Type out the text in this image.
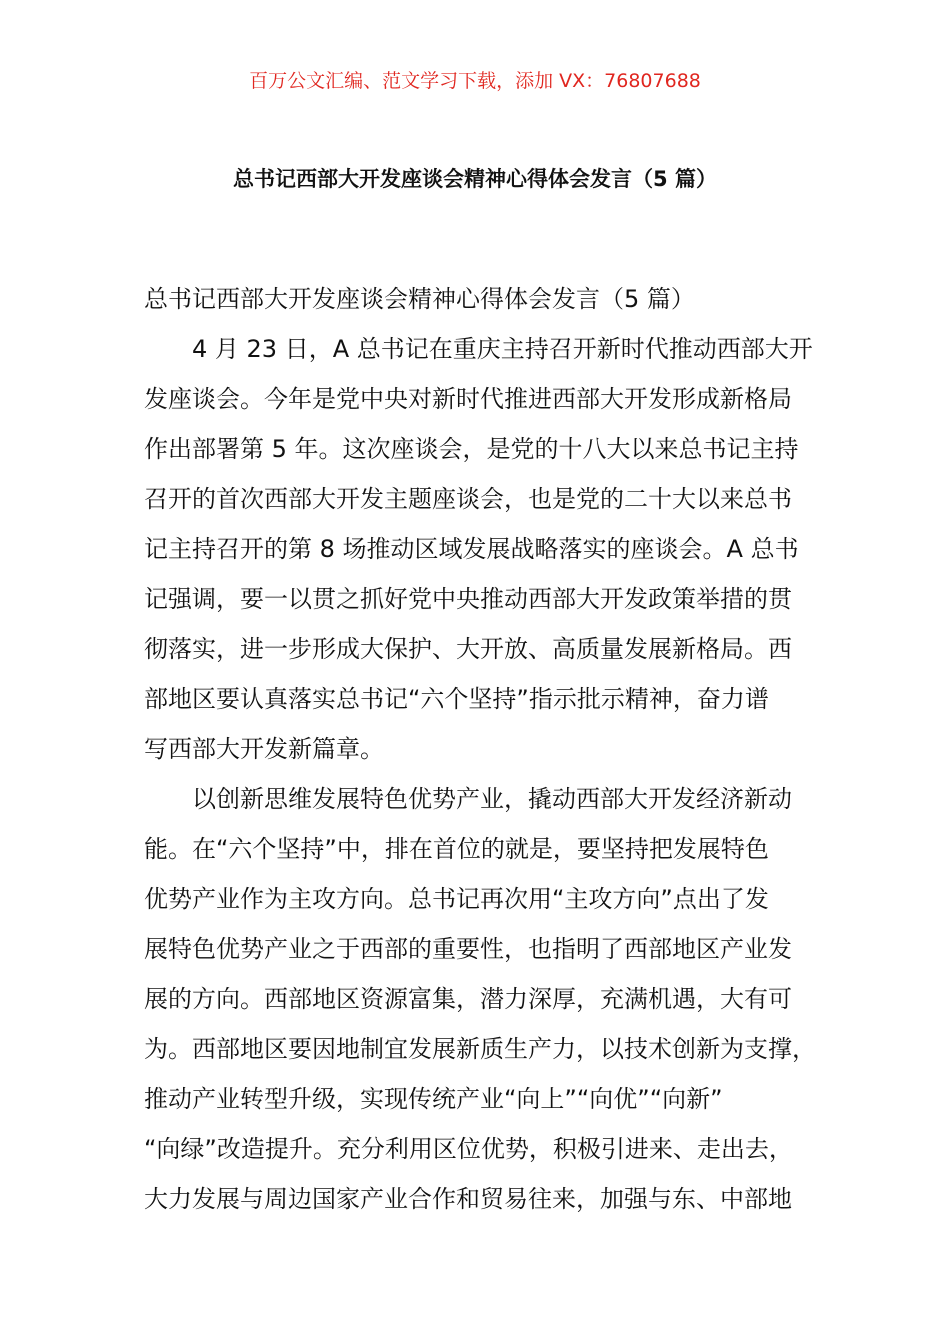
百万公文汇编、范文学习下载，添加 VX：76807688
总书记西部大开发座谈会精神心得体会发言（5 篇）
总书记西部大开发座谈会精神心得体会发言（5 篇）
4 月 23 日，A 总书记在重庆主持召开新时代推动西部大开
发座谈会。今年是党中央对新时代推进西部大开发形成新格局
作出部署第 5 年。这次座谈会，是党的十八大以来总书记主持
召开的首次西部大开发主题座谈会，也是党的二十大以来总书
记主持召开的第 8 场推动区域发展战略落实的座谈会。A 总书
记强调，要一以贯之抓好党中央推动西部大开发政策举措的贯
彻落实，进一步形成大保护、大开放、高质量发展新格局。西
部地区要认真落实总书记“六个坚持”指示批示精神，奋力谱
写西部大开发新篇章。
以创新思维发展特色优势产业，撬动西部大开发经济新动
能。在“六个坚持”中，排在首位的就是，要坚持把发展特色
优势产业作为主攻方向。总书记再次用“主攻方向”点出了发
展特色优势产业之于西部的重要性，也指明了西部地区产业发
展的方向。西部地区资源富集，潜力深厚，充满机遇，大有可
为。西部地区要因地制宜发展新质生产力，以技术创新为支撑，
推动产业转型升级，实现传统产业“向上”“向优”“向新”
“向绿”改造提升。充分利用区位优势，积极引进来、走出去，
大力发展与周边国家产业合作和贸易往来，加强与东、中部地
